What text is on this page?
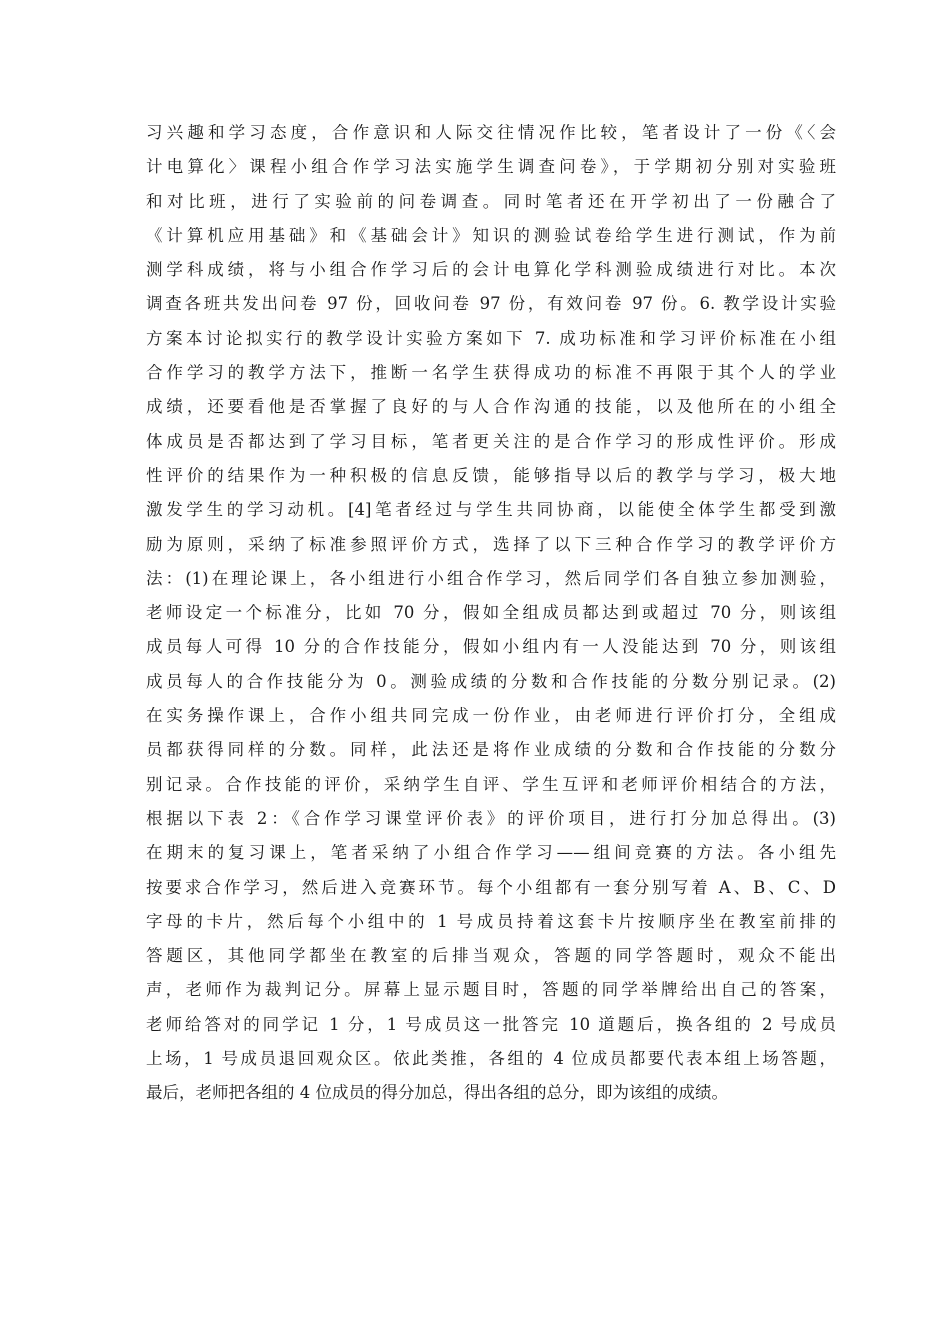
习兴趣和学习态度，合作意识和人际交往情况作比较，笔者设计了一份《〈会
计电算化〉课程小组合作学习法实施学生调查问卷》，于学期初分别对实验班
和对比班，进行了实验前的问卷调查。同时笔者还在开学初出了一份融合了
《计算机应用基础》和《基础会计》知识的测验试卷给学生进行测试，作为前
测学科成绩，将与小组合作学习后的会计电算化学科测验成绩进行对比。本次
调查各班共发出问卷 97 份，回收问卷 97 份，有效问卷 97 份。6. 教学设计实验
方案本讨论拟实行的教学设计实验方案如下 7. 成功标准和学习评价标准在小组
合作学习的教学方法下，推断一名学生获得成功的标准不再限于其个人的学业
成绩，还要看他是否掌握了良好的与人合作沟通的技能，以及他所在的小组全
体成员是否都达到了学习目标，笔者更关注的是合作学习的形成性评价。形成
性评价的结果作为一种积极的信息反馈，能够指导以后的教学与学习，极大地
激发学生的学习动机。[4]笔者经过与学生共同协商，以能使全体学生都受到激
励为原则，采纳了标准参照评价方式，选择了以下三种合作学习的教学评价方
法：(1)在理论课上，各小组进行小组合作学习，然后同学们各自独立参加测验，
老师设定一个标准分，比如 70 分，假如全组成员都达到或超过 70 分，则该组
成员每人可得 10 分的合作技能分，假如小组内有一人没能达到 70 分，则该组
成员每人的合作技能分为 0。测验成绩的分数和合作技能的分数分别记录。(2)
在实务操作课上，合作小组共同完成一份作业，由老师进行评价打分，全组成
员都获得同样的分数。同样，此法还是将作业成绩的分数和合作技能的分数分
别记录。合作技能的评价，采纳学生自评、学生互评和老师评价相结合的方法，
根据以下表 2：《合作学习课堂评价表》的评价项目，进行打分加总得出。(3)
在期末的复习课上，笔者采纳了小组合作学习——组间竞赛的方法。各小组先
按要求合作学习，然后进入竞赛环节。每个小组都有一套分别写着 A、B、C、D
字母的卡片，然后每个小组中的 1 号成员持着这套卡片按顺序坐在教室前排的
答题区，其他同学都坐在教室的后排当观众，答题的同学答题时，观众不能出
声，老师作为裁判记分。屏幕上显示题目时，答题的同学举牌给出自己的答案，
老师给答对的同学记 1 分，1 号成员这一批答完 10 道题后，换各组的 2 号成员
上场，1 号成员退回观众区。依此类推，各组的 4 位成员都要代表本组上场答题，
最后，老师把各组的 4 位成员的得分加总，得出各组的总分，即为该组的成绩。
